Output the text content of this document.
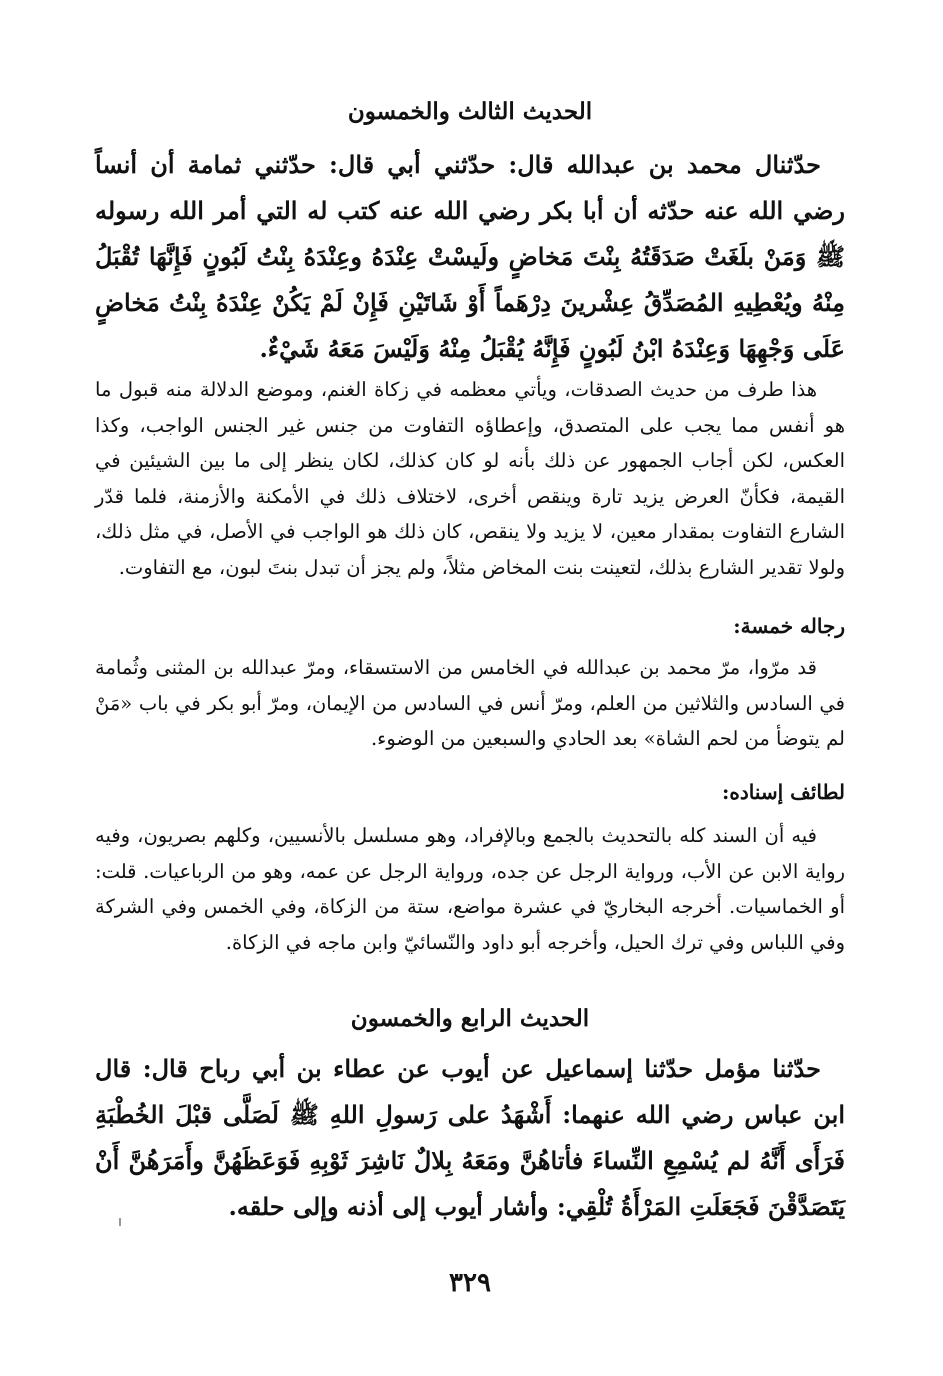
الحديث الثالث والخمسون

حدّثنال محمد بن عبدالله قال: حدّثني أبي قال: حدّثني ثمامة أن أنساً رضي الله عنه حدّثه أن أبا بكر رضي الله عنه كتب له التي أمر الله رسوله ﷺ وَمَنْ بلَغَتْ صَدَقَتُهُ بِنْتَ مَخاضٍ ولَيسْتْ عِنْدَهُ وعِنْدَهُ بِنْتُ لَبُونٍ فَإِنَّهَا تُقْبَلُ مِنْهُ ويُعْطِيهِ المُصَدِّقُ عِشْرينَ دِرْهَماً أَوْ شَاتَيْنِ فَإِنْ لَمْ يَكُنْ عِنْدَهُ بِنْتُ مَخاضٍ عَلَى وَجْهِهَا وَعِنْدَهُ ابْنُ لَبُونٍ فَإِنَّهُ يُقْبَلُ مِنْهُ وَلَيْسَ مَعَهُ شَيْءٌ.

هذا طرف من حديث الصدقات، ويأتي معظمه في زكاة الغنم، وموضع الدلالة منه قبول ما هو أنفس مما يجب على المتصدق، وإعطاؤه التفاوت من جنس غير الجنس الواجب، وكذا العكس، لكن أجاب الجمهور عن ذلك بأنه لو كان كذلك، لكان ينظر إلى ما بين الشيئين في القيمة، فكأنّ العرض يزيد تارة وينقص أخرى، لاختلاف ذلك في الأمكنة والأزمنة، فلما قدّر الشارع التفاوت بمقدار معين، لا يزيد ولا ينقص، كان ذلك هو الواجب في الأصل، في مثل ذلك، ولولا تقدير الشارع بذلك، لتعينت بنت المخاض مثلاً، ولم يجز أن تبدل بنتَ لبون، مع التفاوت.

رجاله خمسة:

قد مرّوا، مرّ محمد بن عبدالله في الخامس من الاستسقاء، ومرّ عبدالله بن المثنى وثُمامة في السادس والثلاثين من العلم، ومرّ أنس في السادس من الإيمان، ومرّ أبو بكر في باب «مَنْ لم يتوضأ من لحم الشاة» بعد الحادي والسبعين من الوضوء.

لطائف إسناده:

فيه أن السند كله بالتحديث بالجمع وبالإفراد، وهو مسلسل بالأنسيين، وكلهم بصريون، وفيه رواية الابن عن الأب، ورواية الرجل عن جده، ورواية الرجل عن عمه، وهو من الرباعيات. قلت: أو الخماسيات. أخرجه البخاريّ في عشرة مواضع، ستة من الزكاة، وفي الخمس وفي الشركة وفي اللباس وفي ترك الحيل، وأخرجه أبو داود والنّسائيّ وابن ماجه في الزكاة.

الحديث الرابع والخمسون

حدّثنا مؤمل حدّثنا إسماعيل عن أيوب عن عطاء بن أبي رباح قال: قال ابن عباس رضي الله عنهما: أَشْهَدُ على رَسولِ اللهِ ﷺ لَصَلَّى قبْلَ الخُطْبَةِ فَرَأَى أَنَّهُ لم يُسْمِعِ النِّساءَ فأتاهُنَّ ومَعَهُ بِلالٌ نَاشِرَ ثَوْبِهِ فَوَعَظَهُنَّ وأَمَرَهُنَّ أَنْ يَتَصَدَّقْنَ فَجَعَلَتِ المَرْأَةُ تُلْقِي: وأشار أيوب إلى أذنه وإلى حلقه.

٣٢٩
